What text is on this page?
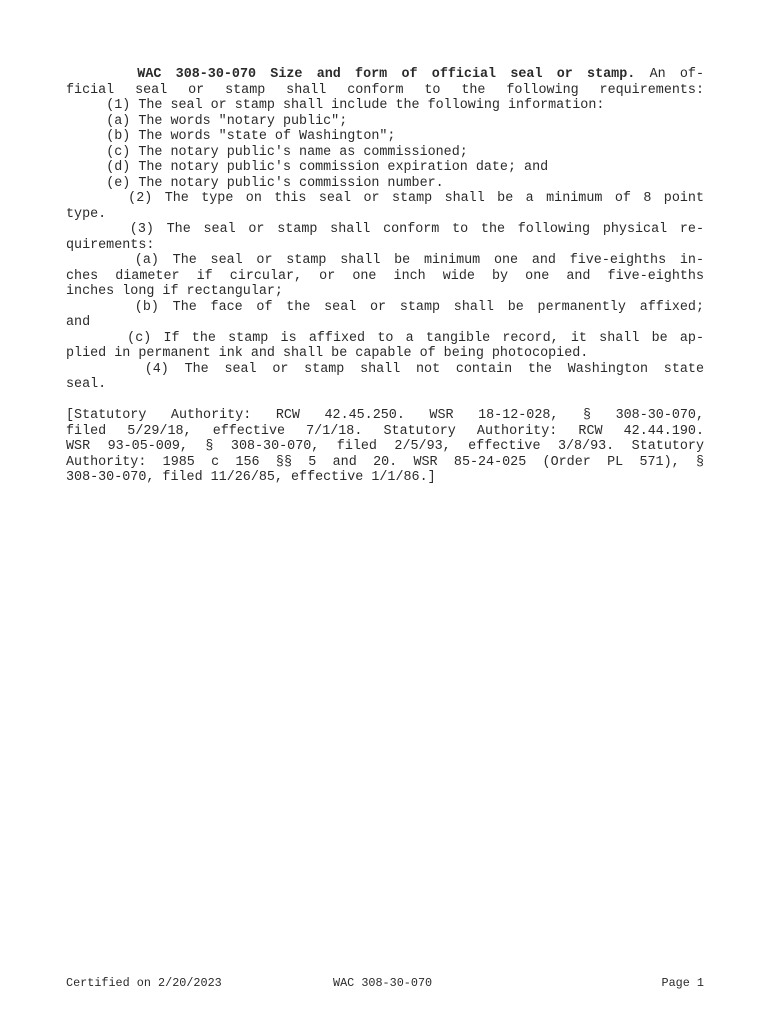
WAC 308-30-070 Size and form of official seal or stamp. An of-
ficial seal or stamp shall conform to the following requirements:
(1) The seal or stamp shall include the following information:
(a) The words "notary public";
(b) The words "state of Washington";
(c) The notary public's name as commissioned;
(d) The notary public's commission expiration date; and
(e) The notary public's commission number.
(2) The type on this seal or stamp shall be a minimum of 8 point
type.
(3) The seal or stamp shall conform to the following physical re-
quirements:
(a) The seal or stamp shall be minimum one and five-eighths in-
ches diameter if circular, or one inch wide by one and five-eighths
inches long if rectangular;
(b) The face of the seal or stamp shall be permanently affixed;
and
(c) If the stamp is affixed to a tangible record, it shall be ap-
plied in permanent ink and shall be capable of being photocopied.
(4) The seal or stamp shall not contain the Washington state
seal.
[Statutory Authority: RCW 42.45.250. WSR 18-12-028, § 308-30-070,
filed 5/29/18, effective 7/1/18. Statutory Authority: RCW 42.44.190.
WSR 93-05-009, § 308-30-070, filed 2/5/93, effective 3/8/93. Statutory
Authority: 1985 c 156 §§ 5 and 20. WSR 85-24-025 (Order PL 571), §
308-30-070, filed 11/26/85, effective 1/1/86.]
Certified on 2/20/2023	WAC 308-30-070	Page 1
